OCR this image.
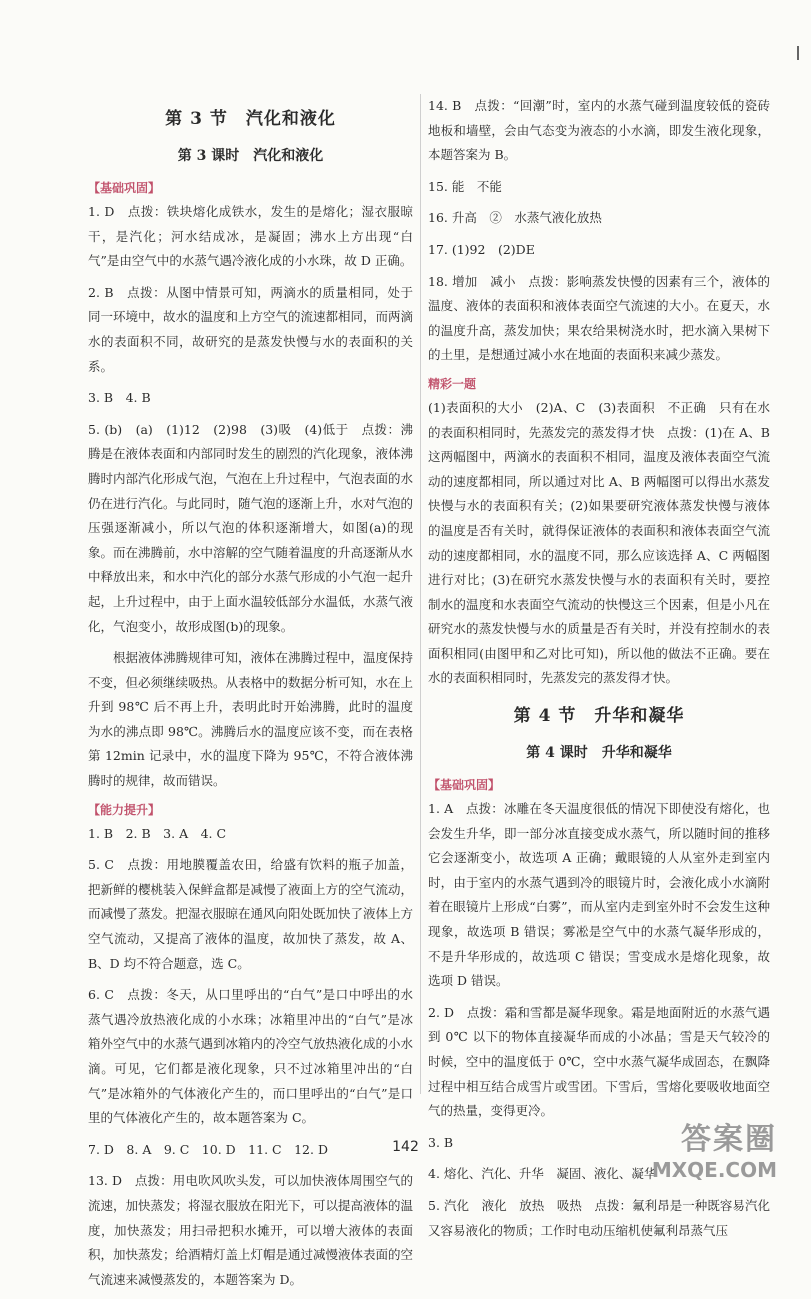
第 3 节　汽化和液化
第 3 课时　汽化和液化
【基础巩固】

1. D　点拨：铁块熔化成铁水，发生的是熔化；湿衣服晾干，是汽化；河水结成冰，是凝固；沸水上方出现“白气”是由空气中的水蒸气遇冷液化成的小水珠，故 D 正确。

2. B　点拨：从图中情景可知，两滴水的质量相同，处于同一环境中，故水的温度和上方空气的流速都相同，而两滴水的表面积不同，故研究的是蒸发快慢与水的表面积的关系。

3. B　4. B

5. (b)　(a)　(1)12　(2)98　(3)吸　(4)低于　点拨：沸腾是在液体表面和内部同时发生的剧烈的汽化现象，液体沸腾时内部汽化形成气泡，气泡在上升过程中，气泡表面的水仍在进行汽化。与此同时，随气泡的逐渐上升，水对气泡的压强逐渐减小，所以气泡的体积逐渐增大，如图(a)的现象。而在沸腾前，水中溶解的空气随着温度的升高逐渐从水中释放出来，和水中汽化的部分水蒸气形成的小气泡一起升起，上升过程中，由于上面水温较低部分水温低，水蒸气液化，气泡变小，故形成图(b)的现象。

根据液体沸腾规律可知，液体在沸腾过程中，温度保持不变，但必须继续吸热。从表格中的数据分析可知，水在上升到 98℃ 后不再上升，表明此时开始沸腾，此时的温度为水的沸点即 98℃。沸腾后水的温度应该不变，而在表格第 12min 记录中，水的温度下降为 95℃，不符合液体沸腾时的规律，故而错误。

【能力提升】

1. B　2. B　3. A　4. C

5. C　点拨：用地膜覆盖农田，给盛有饮料的瓶子加盖，把新鲜的樱桃装入保鲜盒都是减慢了液面上方的空气流动，而减慢了蒸发。把湿衣服晾在通风向阳处既加快了液体上方空气流动，又提高了液体的温度，故加快了蒸发，故 A、B、D 均不符合题意，选 C。

6. C　点拨：冬天，从口里呼出的“白气”是口中呼出的水蒸气遇冷放热液化成的小水珠；冰箱里冲出的“白气”是冰箱外空气中的水蒸气遇到冰箱内的冷空气放热液化成的小水滴。可见，它们都是液化现象，只不过冰箱里冲出的“白气”是冰箱外的气体液化产生的，而口里呼出的“白气”是口里的气体液化产生的，故本题答案为 C。

7. D　8. A　9. C　10. D　11. C　12. D

13. D　点拨：用电吹风吹头发，可以加快液体周围空气的流速，加快蒸发；将湿衣服放在阳光下，可以提高液体的温度，加快蒸发；用扫帚把积水摊开，可以增大液体的表面积，加快蒸发；给酒精灯盖上灯帽是通过减慢液体表面的空气流速来减慢蒸发的，本题答案为 D。

14. B　点拨：“回潮”时，室内的水蒸气碰到温度较低的瓷砖地板和墙壁，会由气态变为液态的小水滴，即发生液化现象，本题答案为 B。

15. 能　不能

16. 升高　②　水蒸气液化放热

17. (1)92　(2)DE

18. 增加　减小　点拨：影响蒸发快慢的因素有三个，液体的温度、液体的表面积和液体表面空气流速的大小。在夏天，水的温度升高，蒸发加快；果农给果树浇水时，把水滴入果树下的土里，是想通过减小水在地面的表面积来减少蒸发。

精彩一题

(1)表面积的大小　(2)A、C　(3)表面积　不正确　只有在水的表面积相同时，先蒸发完的蒸发得才快　点拨：(1)在 A、B 这两幅图中，两滴水的表面积不相同，温度及液体表面空气流动的速度都相同，所以通过对比 A、B 两幅图可以得出水蒸发快慢与水的表面积有关；(2)如果要研究液体蒸发快慢与液体的温度是否有关时，就得保证液体的表面积和液体表面空气流动的速度都相同，水的温度不同，那么应该选择 A、C 两幅图进行对比；(3)在研究水蒸发快慢与水的表面积有关时，要控制水的温度和水表面空气流动的快慢这三个因素，但是小凡在研究水的蒸发快慢与水的质量是否有关时，并没有控制水的表面积相同(由图甲和乙对比可知)，所以他的做法不正确。要在水的表面积相同时，先蒸发完的蒸发得才快。

第 4 节　升华和凝华
第 4 课时　升华和凝华
【基础巩固】

1. A　点拨：冰雕在冬天温度很低的情况下即使没有熔化，也会发生升华，即一部分冰直接变成水蒸气，所以随时间的推移它会逐渐变小，故选项 A 正确；戴眼镜的人从室外走到室内时，由于室内的水蒸气遇到冷的眼镜片时，会液化成小水滴附着在眼镜片上形成“白雾”，而从室内走到室外时不会发生这种现象，故选项 B 错误；雾凇是空气中的水蒸气凝华形成的，不是升华形成的，故选项 C 错误；雪变成水是熔化现象，故选项 D 错误。

2. D　点拨：霜和雪都是凝华现象。霜是地面附近的水蒸气遇到 0℃ 以下的物体直接凝华而成的小冰晶；雪是天气较冷的时候，空中的温度低于 0℃，空中水蒸气凝华成固态，在飘降过程中相互结合成雪片或雪团。下雪后，雪熔化要吸收地面空气的热量，变得更冷。

3. B

4. 熔化、汽化、升华　凝固、液化、凝华

5. 汽化　液化　放热　吸热　点拨：氟利昂是一种既容易汽化又容易液化的物质；工作时电动压缩机使氟利昂蒸气压

142	答案圈
MXQE.COM
